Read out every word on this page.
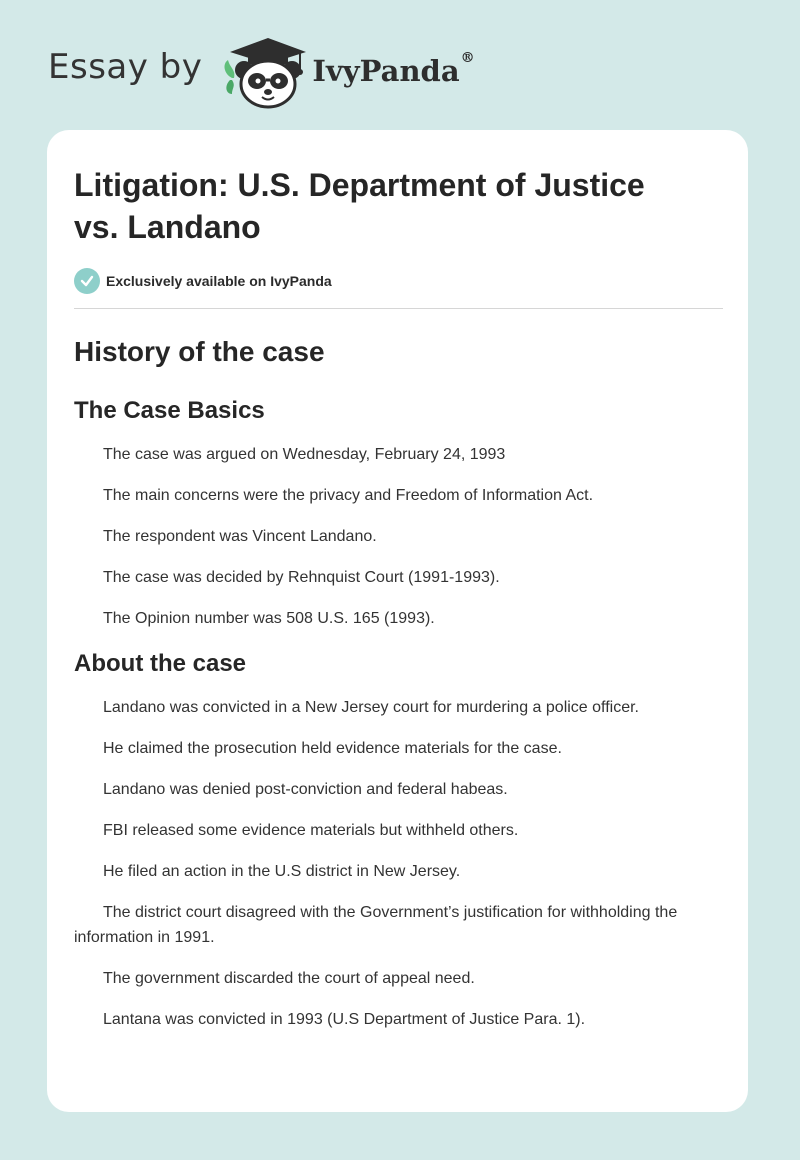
Essay by	IvyPanda®
Litigation: U.S. Department of Justice vs. Landano
Exclusively available on IvyPanda
History of the case
The Case Basics

The case was argued on Wednesday, February 24, 1993

The main concerns were the privacy and Freedom of Information Act.

The respondent was Vincent Landano.

The case was decided by Rehnquist Court (1991-1993).

The Opinion number was 508 U.S. 165 (1993).

About the case

Landano was convicted in a New Jersey court for murdering a police officer.

He claimed the prosecution held evidence materials for the case.

Landano was denied post-conviction and federal habeas.

FBI released some evidence materials but withheld others.

He filed an action in the U.S district in New Jersey.

The district court disagreed with the Government’s justification for withholding the information in 1991.

The government discarded the court of appeal need.

Lantana was convicted in 1993 (U.S Department of Justice Para. 1).
